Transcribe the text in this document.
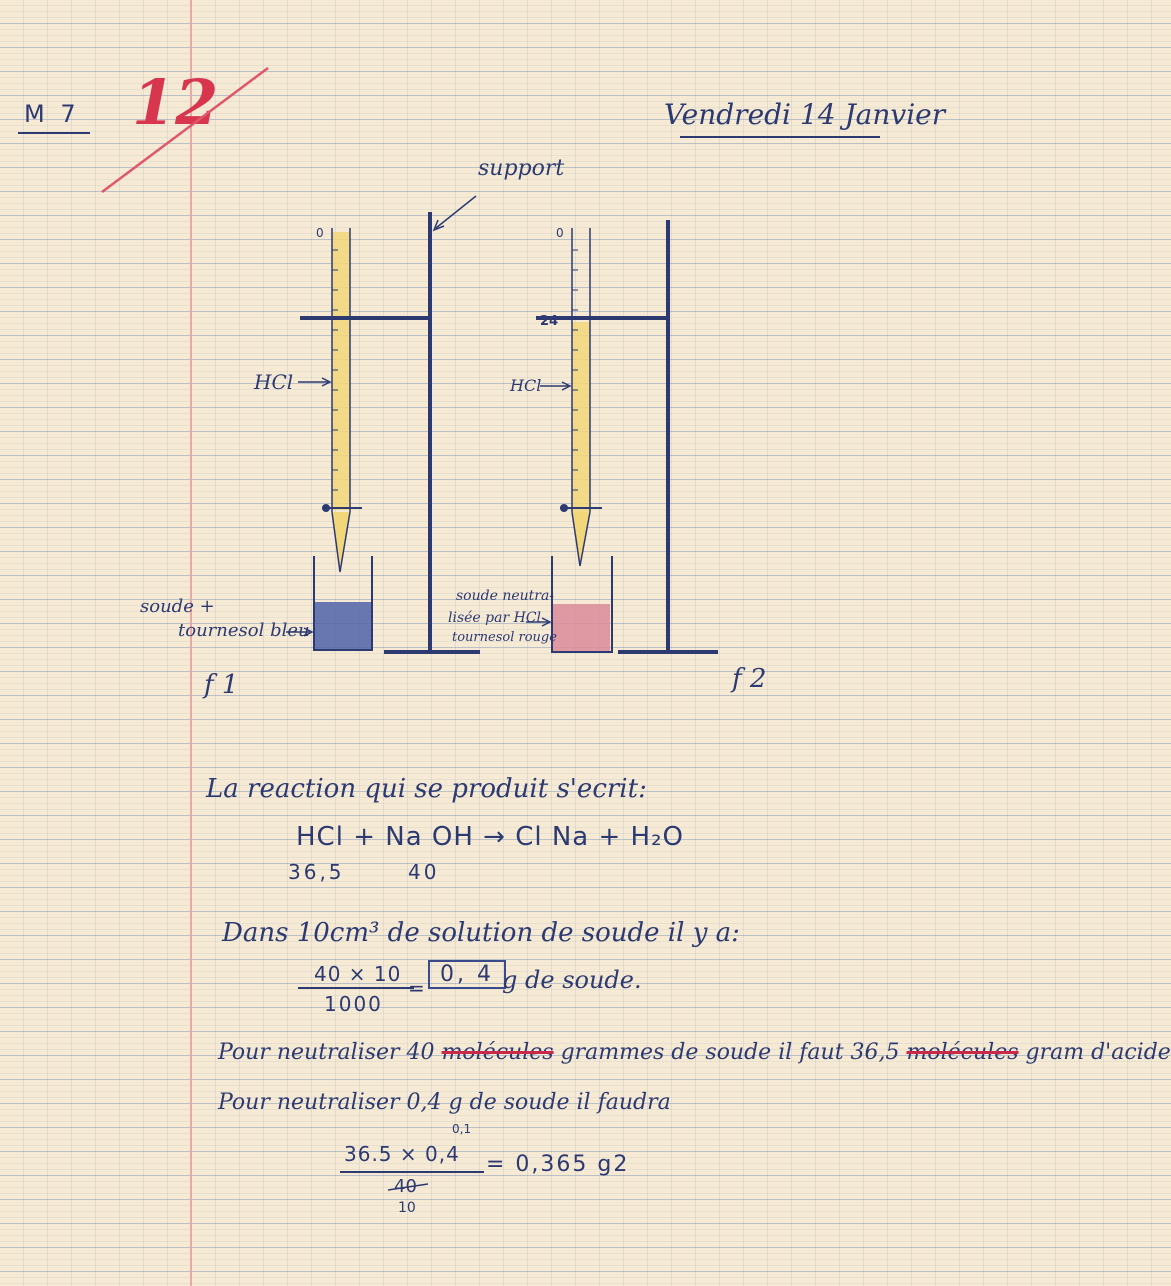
M 7 12	Vendredi 14 Janvier
support
0	0
24
HCl	HCl
soude +
tournesol bleu
soude neutra-
lisée par HCl
tournesol rouge
f 1	f 2
La reaction qui se produit s'ecrit:
HCl + Na OH → Cl Na + H₂O
36,5	40
Dans 10cm³ de solution de soude il y a:
40 × 10
1000
=
0, 4 g de soude.
Pour neutraliser 40 molécules grammes de soude il faut 36,5 molécules gram d'acide
Pour neutraliser 0,4 g de soude il faudra
0,1
36.5 × 0,4
40
10
= 0,365 g2
